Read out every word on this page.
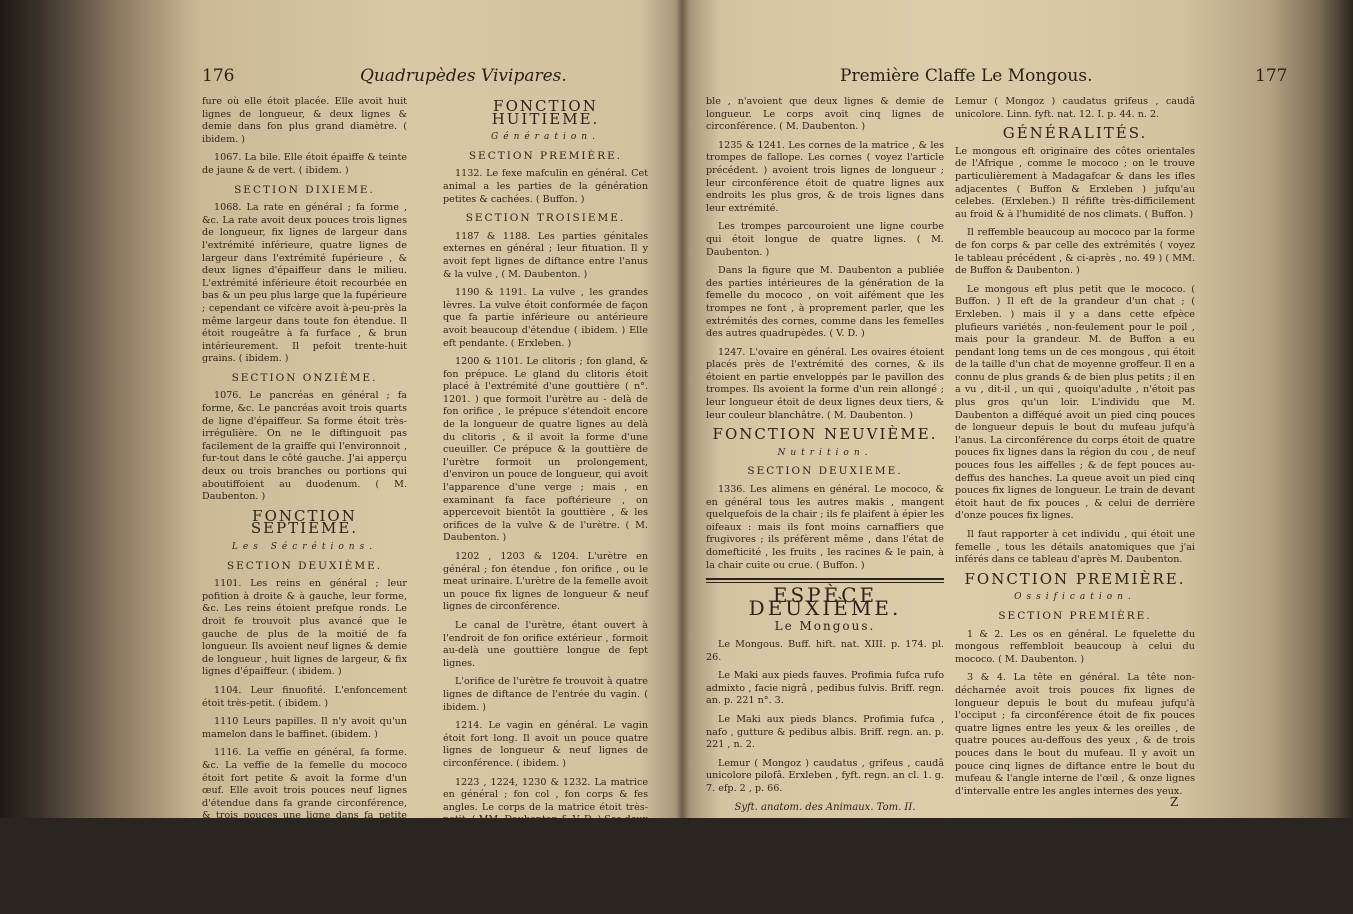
176	Quadrupèdes Vivipares.

fure où elle étoit placée. Elle avoit huit lignes de longueur, & deux lignes & demie dans fon plus grand diamètre. ( ibidem. )

1067. La bile. Elle étoit épaiffe & teinte de jaune & de vert. ( ibidem. )

SECTION DIXIEME.

1068. La rate en général ; fa forme , &c. La rate avoit deux pouces trois lignes de longueur, fix lignes de largeur dans l'extrémité inférieure, quatre lignes de largeur dans l'extrémité fupérieure , & deux lignes d'épaiffeur dans le milieu. L'extrémité inférieure étoit recourbée en bas & un peu plus large que la fupérieure ; cependant ce vifcère avoit à-peu-près la même largeur dans toute fon étendue. Il étoit rougeâtre à fa furface , & brun intérieurement. Il pefoit trente-huit grains. ( ibidem. )

SECTION ONZIÈME.

1076. Le pancréas en général ; fa forme, &c. Le pancréas avoit trois quarts de ligne d'épaiffeur. Sa forme étoit très-irrégulière. On ne le diftinguoit pas facilement de la graiffe qui l'environnoit , fur-tout dans le côté gauche. J'ai apperçu deux ou trois branches ou portions qui aboutiffoient au duodenum. ( M. Daubenton. )

FONCTION SEPTIÈME.
Les Sécrétions.
SECTION DEUXIÈME.

1101. Les reins en général ; leur pofition à droite & à gauche, leur forme, &c. Les reins étoient prefque ronds. Le droit fe trouvoit plus avancé que le gauche de plus de la moitié de fa longueur. Ils avoient neuf lignes & demie de longueur , huit lignes de largeur, & fix lignes d'épaiffeur. ( ibidem. )

1104. Leur finuofité. L'enfoncement étoit très-petit. ( ibidem. )

1110 Leurs papilles. Il n'y avoit qu'un mamelon dans le baffinet. (ibidem. )

1116. La veffie en général, fa forme. &c. La veffie de la femelle du mococo étoit fort petite & avoit la forme d'un œuf. Elle avoit trois pouces neuf lignes d'étendue dans fa grande circonférence, & trois pouces une ligne dans fa petite circonférence. ( ibidem. )

FONCTION HUITIEME.
Génération.
SECTION PREMIÈRE.

1132. Le fexe mafculin en général. Cet animal a les parties de la génération petites & cachées. ( Buffon. )

SECTION TROISIEME.

1187 & 1188. Les parties génitales externes en général ; leur fituation. Il y avoit fept lignes de diftance entre l'anus & la vulve , ( M. Daubenton. )

1190 & 1191. La vulve , les grandes lèvres. La vulve étoit conformée de façon que fa partie inférieure ou antérieure avoit beaucoup d'étendue ( ibidem. ) Elle eft pendante. ( Erxleben. )

1200 & 1101. Le clitoris ; fon gland, & fon prépuce. Le gland du clitoris étoit placé à l'extrémité d'une gouttière ( n°. 1201. ) que formoit l'urètre au - delà de fon orifice , le prépuce s'étendoit encore de la longueur de quatre lignes au delà du clitoris , & il avoit la forme d'une cueuiller. Ce prépuce & la gouttière de l'urètre formoit un prolongement, d'environ un pouce de longueur, qui avoit l'apparence d'une verge ; mais , en examinant fa face poftérieure , on appercevoit bientôt la gouttière , & les orifices de la vulve & de l'urètre. ( M. Daubenton. )

1202 , 1203 & 1204. L'urètre en général ; fon étendue , fon orifice , ou le meat urinaire. L'urètre de la femelle avoit un pouce fix lignes de longueur & neuf lignes de circonférence.

Le canal de l'urètre, étant ouvert à l'endroit de fon orifice extérieur , formoit au-delà une gouttière longue de fept lignes.

L'orifice de l'urètre fe trouvoit à quatre lignes de diftance de l'entrée du vagin. ( ibidem. )

1214. Le vagin en général. Le vagin étoit fort long. Il avoit un pouce quatre lignes de longueur & neuf lignes de circonférence. ( ibidem. )

1223 , 1224, 1230 & 1232. La matrice en général ; fon col , fon corps & fes angles. Le corps de la matrice étoit très-petit. ( MM. Daubenton & V. D. ) Ses deux angles fupérieurs , qui étoient très-prolongés , formoient la plus grande partie de cet organe ou fes cornes. ( V. D. )

Le col & le corps de la matrice , pris enfemble ,

Première Claffe Le Mongous.	177

ble , n'avoient que deux lignes & demie de longueur. Le corps avoit cinq lignes de circonférence. ( M. Daubenton. )

1235 & 1241. Les cornes de la matrice , & les trompes de fallope. Les cornes ( voyez l'article précédent. ) avoient trois lignes de longueur ; leur circonférence étoit de quatre lignes aux endroits les plus gros, & de trois lignes dans leur extrémité.

Les trompes parcouroient une ligne courbe qui étoit longue de quatre lignes. ( M. Daubenton. )

Dans la figure que M. Daubenton a publiée des parties intérieures de la génération de la femelle du mococo , on voit aifément que les trompes ne font , à proprement parler, que les extrémités des cornes, comme dans les femelles des autres quadrupèdes. ( V. D. )

1247. L'ovaire en général. Les ovaires étoient placés près de l'extrémité des cornes, & ils étoient en partie enveloppés par le pavillon des trompes. Ils avoient la forme d'un rein allongé ; leur longueur étoit de deux lignes deux tiers, & leur couleur blanchâtre. ( M. Daubenton. )

FONCTION NEUVIÈME.
Nutrition.
SECTION DEUXIEME.

1336. Les alimens en général. Le mococo, & en général tous les autres makis , mangent quelquefois de la chair ; ils fe plaifent à épier les oifeaux : mais ils font moins carnaffiers que frugivores ; ils préfèrent même , dans l'état de domefticité , les fruits , les racines & le pain, à la chair cuite ou crue. ( Buffon. )

ESPÈCE DEUXIÈME.
Le Mongous.

Le Mongous. Buff. hift. nat. XIII. p. 174. pl. 26.

Le Maki aux pieds fauves. Profimia fufca rufo admixto , facie nigrâ , pedibus fulvis. Briff. regn. an. p. 221 n°. 3.

Le Maki aux pieds blancs. Profimia fufca , nafo , gutture & pedibus albis. Briff. regn. an. p. 221 , n. 2.

Lemur ( Mongoz ) caudatus , grifeus , caudâ unicolore pilofâ. Erxleben , fyft. regn. an cl. 1. g. 7. efp. 2 , p. 66.

Syft. anatom. des Animaux. Tom. II.

Lemur ( Mongoz ) caudatus grifeus , caudâ unicolore. Linn. fyft. nat. 12. I. p. 44. n. 2.

GÉNÉRALITÉS.

Le mongous eft originaire des côtes orientales de l'Afrique , comme le mococo ; on le trouve particulièrement à Madagafcar & dans les ifles adjacentes ( Buffon & Erxleben ) jufqu'au celebes. (Erxleben.) Il réfifte très-difficilement au froid & à l'humidité de nos climats. ( Buffon. )

Il reffemble beaucoup au mococo par la forme de fon corps & par celle des extrémités ( voyez le tableau précédent , & ci-après , no. 49 ) ( MM. de Buffon & Daubenton. )

Le mongous eft plus petit que le mococo. ( Buffon. ) Il eft de la grandeur d'un chat ; ( Erxleben. ) mais il y a dans cette efpèce plufieurs variétés , non-feulement pour le poil , mais pour la grandeur. M. de Buffon a eu pendant long tems un de ces mongous , qui étoit de la taille d'un chat de moyenne groffeur. Il en a connu de plus grands & de bien plus petits ; il en a vu , dit-il , un qui , quoiqu'adulte , n'étoit pas plus gros qu'un loir. L'individu que M. Daubenton a difféqué avoit un pied cinq pouces de longueur depuis le bout du mufeau jufqu'à l'anus. La circonférence du corps étoit de quatre pouces fix lignes dans la région du cou , de neuf pouces fous les aiffelles ; & de fept pouces au-deffus des hanches. La queue avoit un pied cinq pouces fix lignes de longueur. Le train de devant étoit haut de fix pouces , & celui de derrière d'onze pouces fix lignes.

Il faut rapporter à cet individu , qui étoit une femelle , tous les détails anatomiques que j'ai inférés dans ce tableau d'après M. Daubenton.

FONCTION PREMIÈRE.
Ossification.
SECTION PREMIÈRE.

1 & 2. Les os en général. Le fquelette du mongous reffembloit beaucoup à celui du mococo. ( M. Daubenton. )

3 & 4. La tête en général. La tête non-décharnée avoit trois pouces fix lignes de longueur depuis le bout du mufeau jufqu'à l'occiput ; fa circonférence étoit de fix pouces quatre lignes entre les yeux & les oreilles , de quatre pouces au-deffous des yeux , & de trois pouces dans le bout du mufeau. Il y avoit un pouce cinq lignes de diftance entre le bout du mufeau & l'angle interne de l'œil , & onze lignes d'intervalle entre les angles internes des yeux.

Z
